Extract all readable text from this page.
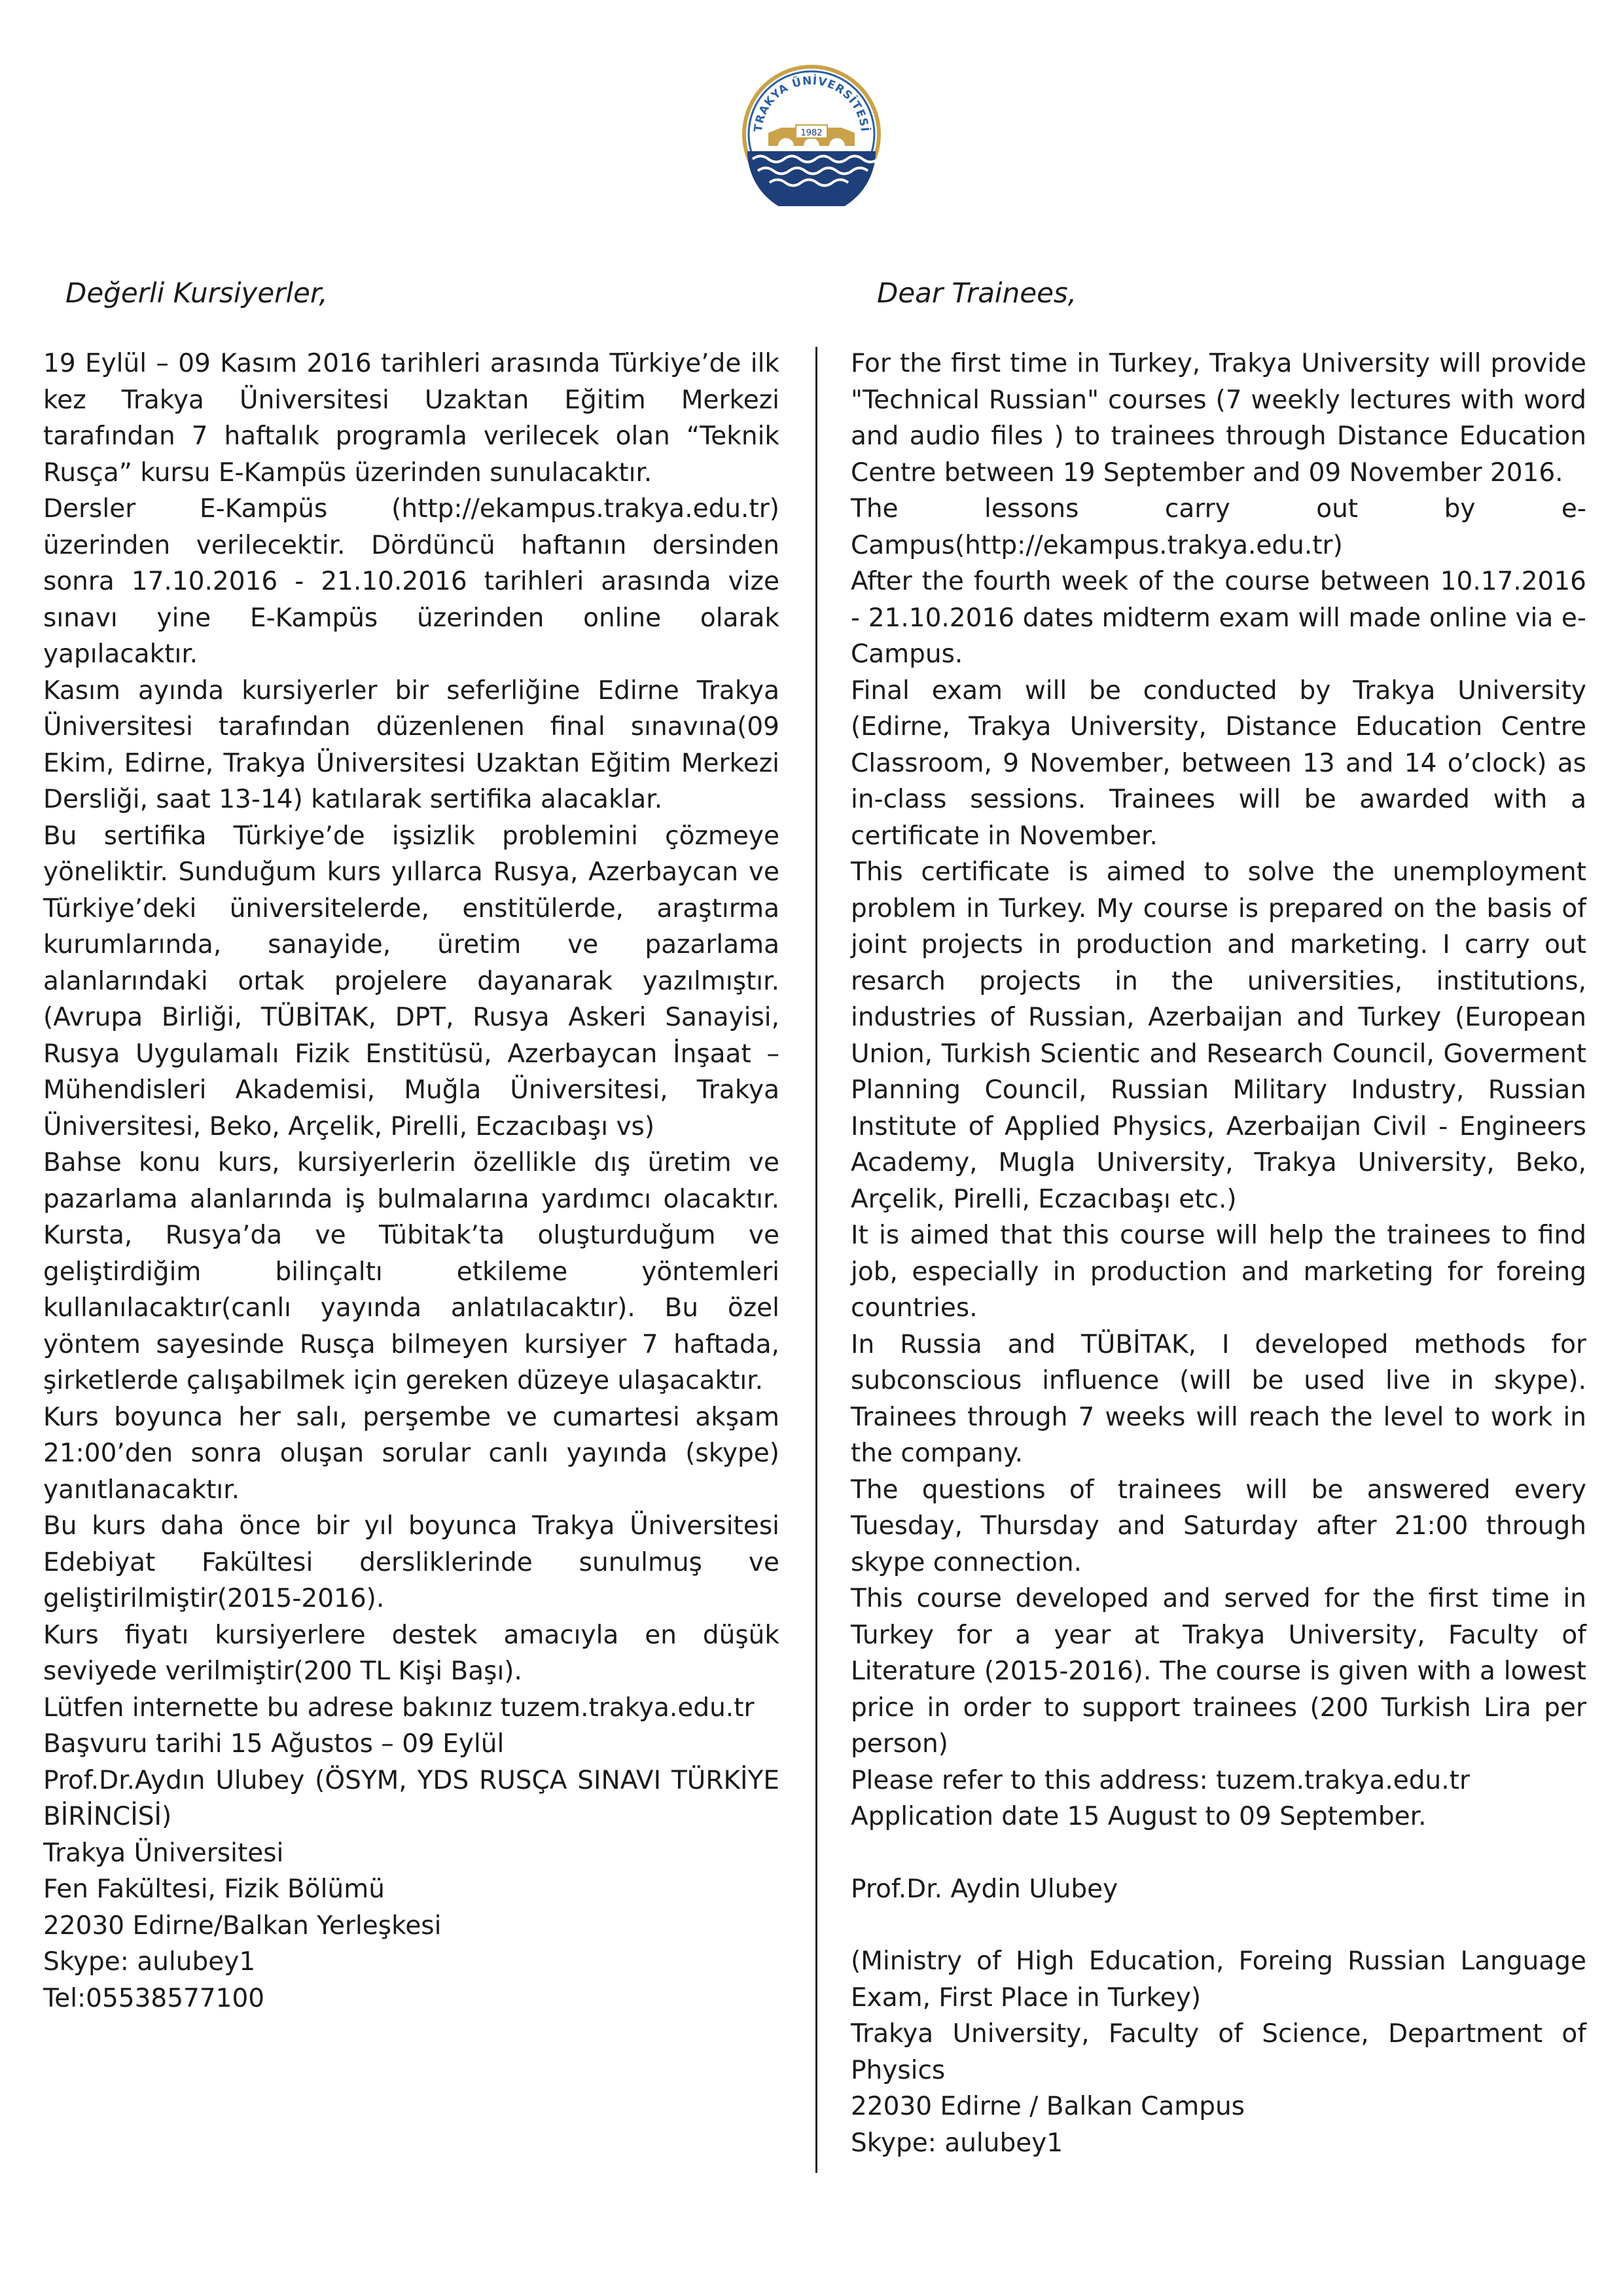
TRAKYA ÜNİVERSİTESİ
1982
Değerli Kursiyerler,	Dear Trainees,

19 Eylül – 09 Kasım 2016 tarihleri arasında Türkiye’de ilk kez Trakya Üniversitesi Uzaktan Eğitim Merkezi tarafından 7 haftalık programla verilecek olan “Teknik Rusça” kursu E-Kampüs üzerinden sunulacaktır.

Dersler E-Kampüs (http://ekampus.trakya.edu.tr) üzerinden verilecektir. Dördüncü haftanın dersinden sonra 17.10.2016 - 21.10.2016 tarihleri arasında vize sınavı yine E-Kampüs üzerinden online olarak yapılacaktır.

Kasım ayında kursiyerler bir seferliğine Edirne Trakya Üniversitesi tarafından düzenlenen final sınavına(09 Ekim, Edirne, Trakya Üniversitesi Uzaktan Eğitim Merkezi Dersliği, saat 13-14) katılarak sertifika alacaklar.

Bu sertifika Türkiye’de işsizlik problemini çözmeye yöneliktir. Sunduğum kurs yıllarca Rusya, Azerbaycan ve Türkiye’deki üniversitelerde, enstitülerde, araştırma kurumlarında, sanayide, üretim ve pazarlama alanlarındaki ortak projelere dayanarak yazılmıştır. (Avrupa Birliği, TÜBİTAK, DPT, Rusya Askeri Sanayisi, Rusya Uygulamalı Fizik Enstitüsü, Azerbaycan İnşaat – Mühendisleri Akademisi, Muğla Üniversitesi, Trakya Üniversitesi, Beko, Arçelik, Pirelli, Eczacıbaşı vs)

Bahse konu kurs, kursiyerlerin özellikle dış üretim ve pazarlama alanlarında iş bulmalarına yardımcı olacaktır. Kursta, Rusya’da ve Tübitak’ta oluşturduğum ve geliştirdiğim bilinçaltı etkileme yöntemleri kullanılacaktır(canlı yayında anlatılacaktır). Bu özel yöntem sayesinde Rusça bilmeyen kursiyer 7 haftada, şirketlerde çalışabilmek için gereken düzeye ulaşacaktır.

Kurs boyunca her salı, perşembe ve cumartesi akşam 21:00’den sonra oluşan sorular canlı yayında (skype) yanıtlanacaktır.

Bu kurs daha önce bir yıl boyunca Trakya Üniversitesi Edebiyat Fakültesi derslikleri̇nde sunulmuş ve geliştirilmiştir(2015-2016).

Kurs fiyatı kursiyerlere destek amacıyla en düşük seviyede verilmiştir(200 TL Kişi Başı).

Lütfen internette bu adrese bakınız tuzem.trakya.edu.tr

Başvuru tarihi 15 Ağustos – 09 Eylül

Prof.Dr.Aydın Ulubey (ÖSYM, YDS RUSÇA SINAVI TÜRKİYE BİRİNCİSİ)

Trakya Üniversitesi

Fen Fakültesi, Fizik Bölümü

22030 Edirne/Balkan Yerleşkesi

Skype: aulubey1

Tel:05538577100

For the first time in Turkey, Trakya University will provide "Technical Russian" courses (7 weekly lectures with word and audio files ) to trainees through Distance Education Centre between 19 September and 09 November 2016.

The lessons carry out by e-Campus(http://ekampus.trakya.edu.tr)

After the fourth week of the course between 10.17.2016 - 21.10.2016 dates midterm exam will made online via e-Campus.

Final exam will be conducted by Trakya University (Edirne, Trakya University, Distance Education Centre Classroom, 9 November, between 13 and 14 o’clock) as in-class sessions. Trainees will be awarded with a certificate in November.

This certificate is aimed to solve the unemployment problem in Turkey. My course is prepared on the basis of joint projects in production and marketing. I carry out resarch projects in the universities, institutions, industries of Russian, Azerbaijan and Turkey (European Union, Turkish Scientic and Research Council, Goverment Planning Council, Russian Military Industry, Russian Institute of Applied Physics, Azerbaijan Civil - Engineers Academy, Mugla University, Trakya University, Beko, Arçelik, Pirelli, Eczacıbaşı etc.)

It is aimed that this course will help the trainees to find job, especially in production and marketing for foreing countries.

In Russia and TÜBİTAK, I developed methods for subconscious influence (will be used live in skype). Trainees through 7 weeks will reach the level to work in the company.

The questions of trainees will be answered every Tuesday, Thursday and Saturday after 21:00 through skype connection.

This course developed and served for the first time in Turkey for a year at Trakya University, Faculty of Literature (2015-2016). The course is given with a lowest price in order to support trainees (200 Turkish Lira per person)

Please refer to this address: tuzem.trakya.edu.tr

Application date 15 August to 09 September.

Prof.Dr. Aydin Ulubey

(Ministry of High Education, Foreing Russian Language Exam, First Place in Turkey)

Trakya University, Faculty of Science, Department of Physics

22030 Edirne / Balkan Campus

Skype: aulubey1
